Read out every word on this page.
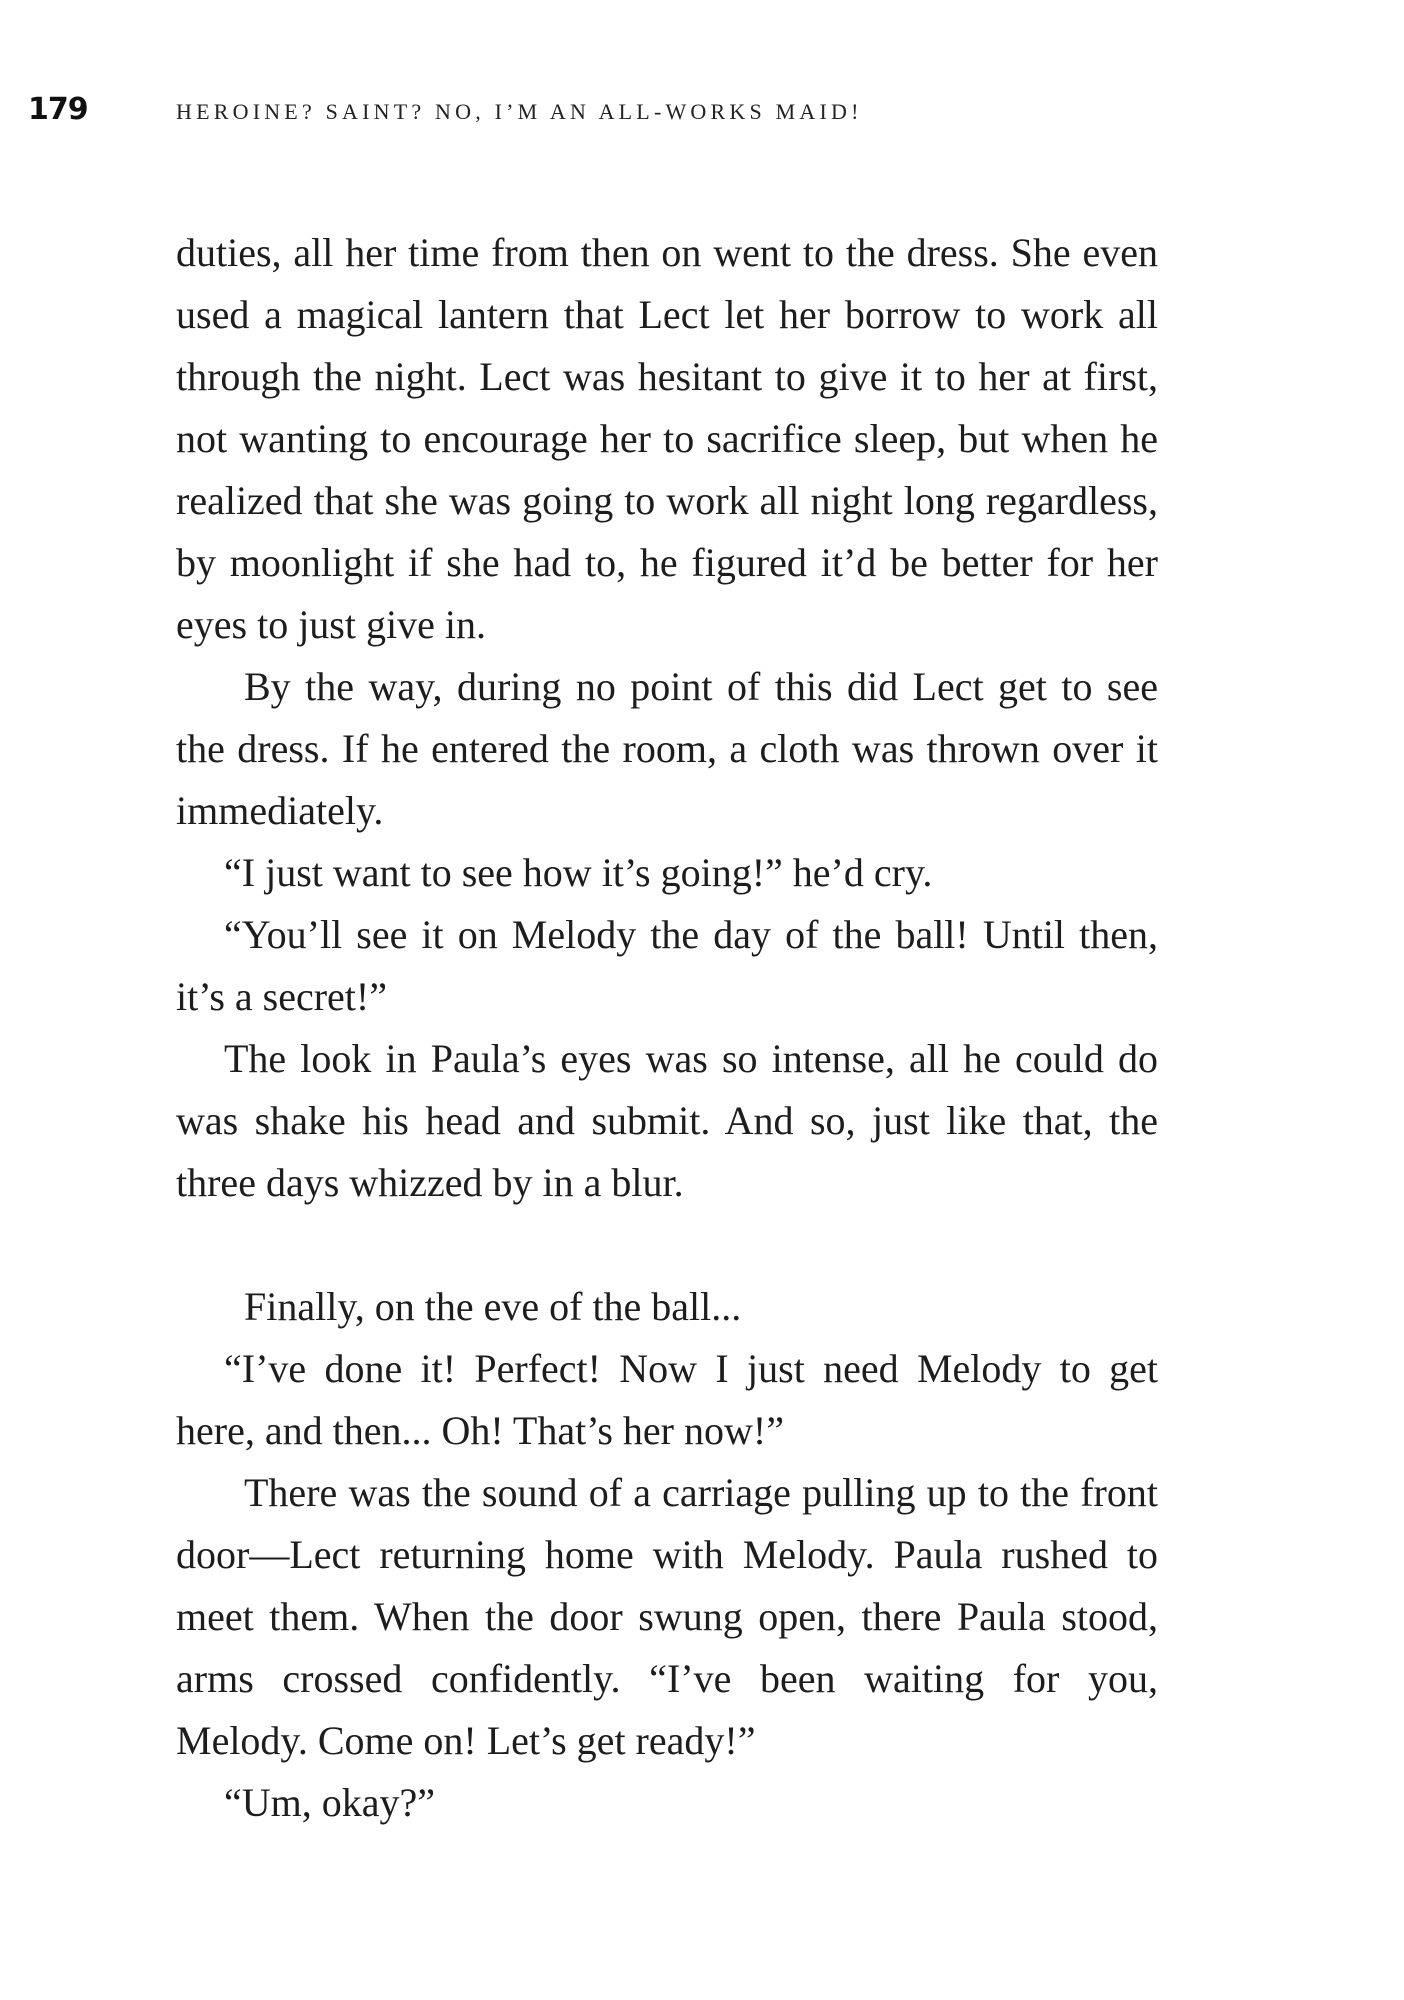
179	HEROINE? SAINT? NO, I’M AN ALL-WORKS MAID!

duties, all her time from then on went to the dress. She even used a magical lantern that Lect let her borrow to work all through the night. Lect was hesitant to give it to her at first, not wanting to encourage her to sacrifice sleep, but when he realized that she was going to work all night long regardless, by moonlight if she had to, he figured it’d be better for her eyes to just give in.

By the way, during no point of this did Lect get to see the dress. If he entered the room, a cloth was thrown over it immediately.

“I just want to see how it’s going!” he’d cry.

“You’ll see it on Melody the day of the ball! Until then, it’s a secret!”

The look in Paula’s eyes was so intense, all he could do was shake his head and submit. And so, just like that, the three days whizzed by in a blur.

Finally, on the eve of the ball...

“I’ve done it! Perfect! Now I just need Melody to get here, and then... Oh! That’s her now!”

There was the sound of a carriage pulling up to the front door—Lect returning home with Melody. Paula rushed to meet them. When the door swung open, there Paula stood, arms crossed confidently. “I’ve been waiting for you, Melody. Come on! Let’s get ready!”

“Um, okay?”
